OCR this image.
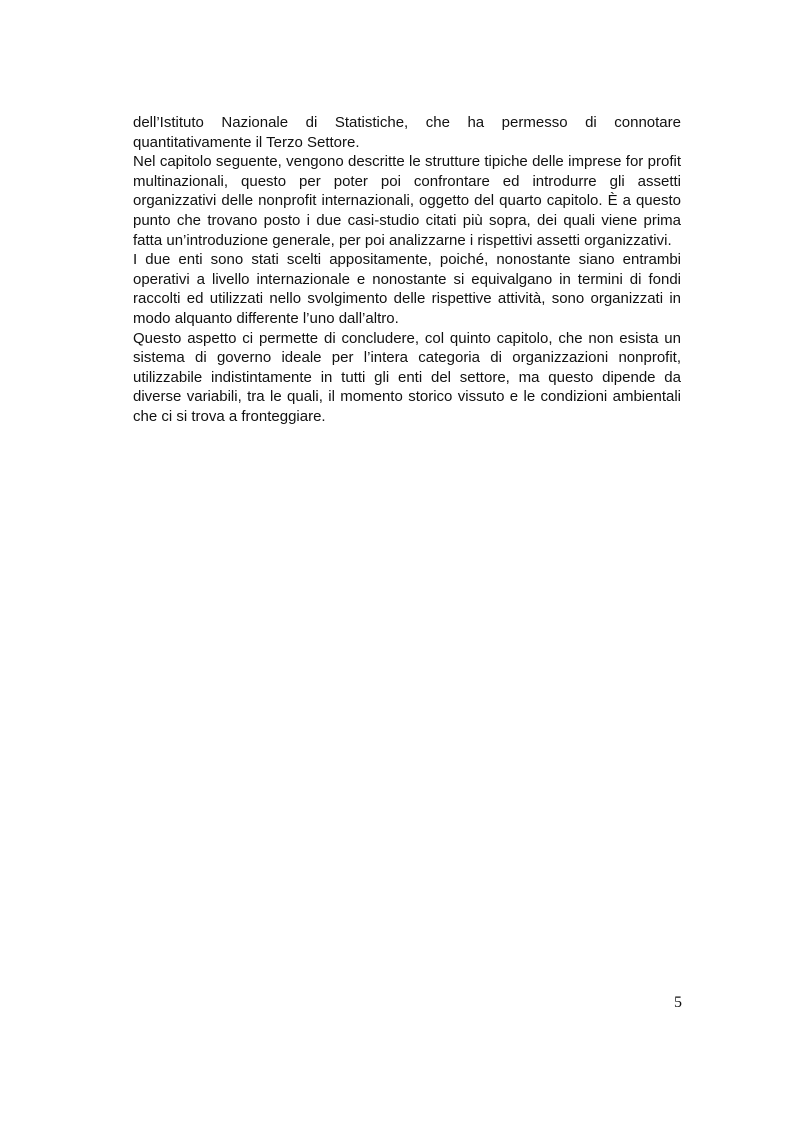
dell’Istituto Nazionale di Statistiche, che ha permesso di connotare quantitativamente il Terzo Settore.

Nel capitolo seguente, vengono descritte le strutture tipiche delle imprese for profit multinazionali, questo per poter poi confrontare ed introdurre gli assetti organizzativi delle nonprofit internazionali, oggetto del quarto capitolo. È a questo punto che trovano posto i due casi-studio citati più sopra, dei quali viene prima fatta un’introduzione generale, per poi analizzarne i rispettivi assetti organizzativi.

I due enti sono stati scelti appositamente, poiché, nonostante siano entrambi operativi a livello internazionale e nonostante si equivalgano in termini di fondi raccolti ed utilizzati nello svolgimento delle rispettive attività, sono organizzati in modo alquanto differente l’uno dall’altro.

Questo aspetto ci permette di concludere, col quinto capitolo, che non esista un sistema di governo ideale per l’intera categoria di organizzazioni nonprofit, utilizzabile indistintamente in tutti gli enti del settore, ma questo dipende da diverse variabili, tra le quali, il momento storico vissuto e le condizioni ambientali che ci si trova a fronteggiare.

5
